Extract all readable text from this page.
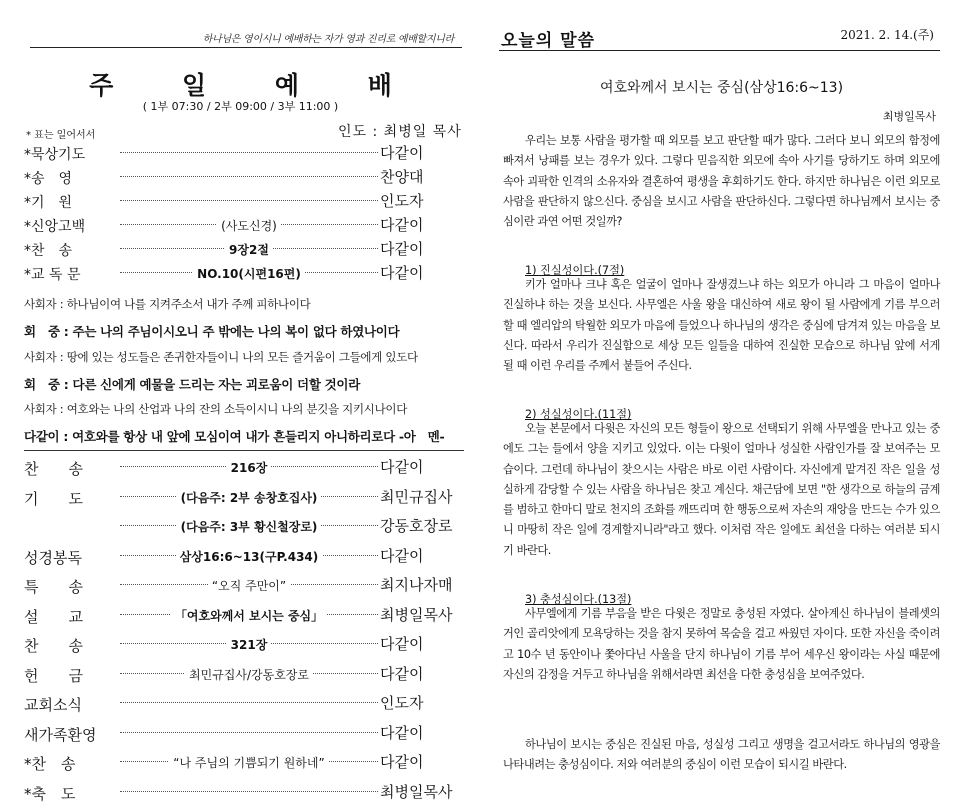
하나님은 영이시니 예배하는 자가 영과 진리로 예배할지니라
주 일 예 배
( 1부 07:30 / 2부 09:00 / 3부 11:00 )
* 표는 일어서서	인도 : 최병일 목사
*묵상기도	다같이
*송　영	찬양대
*기　원	인도자
*신앙고백	(사도신경)	다같이
*찬　송	9장2절	다같이
*교 독 문	NO.10(시편16편)	다같이
사회자 : 하나님이여 나를 지켜주소서 내가 주께 피하나이다
회　중 : 주는 나의 주님이시오니 주 밖에는 나의 복이 없다 하였나이다
사회자 : 땅에 있는 성도들은 존귀한자들이니 나의 모든 즐거움이 그들에게 있도다
회　중 : 다른 신에게 예물을 드리는 자는 괴로움이 더할 것이라
사회자 : 여호와는 나의 산업과 나의 잔의 소득이시니 나의 분깃을 지키시나이다
다같이 : 여호와를 항상 내 앞에 모심이여 내가 흔들리지 아니하리로다 -아　멘-
찬　　송	216장	다같이
기　　도	(다음주: 2부 송창호집사)	최민규집사
(다음주: 3부 황신철장로)	강동호장로
성경봉독	삼상16:6~13(구P.434)	다같이
특　　송	“오직 주만이”	최지나자매
설　　교	「여호와께서 보시는 중심」	최병일목사
찬　　송	321장	다같이
헌　　금	최민규집사/강동호장로	다같이
교회소식	인도자
새가족환영	다같이
*찬　송	“나 주님의 기쁨되기 원하네”	다같이
*축　도	최병일목사
오늘의 말씀	2021. 2. 14.(주)
여호와께서 보시는 중심(삼상16:6~13)
최병일목사
우리는 보통 사람을 평가할 때 외모를 보고 판단할 때가 많다. 그러다 보니 외모의 함정에 빠져서 낭패를 보는 경우가 있다. 그렇다 믿음직한 외모에 속아 사기를 당하기도 하며 외모에 속아 괴팍한 인격의 소유자와 결혼하여 평생을 후회하기도 한다. 하지만 하나님은 이런 외모로 사람을 판단하지 않으신다. 중심을 보시고 사람을 판단하신다. 그렇다면 하나님께서 보시는 중심이란 과연 어떤 것일까?
1) 진실성이다.(7절)
키가 얼마나 크냐 혹은 얼굴이 얼마나 잘생겼느냐 하는 외모가 아니라 그 마음이 얼마나 진실하냐 하는 것을 보신다. 사무엘은 사울 왕을 대신하여 새로 왕이 될 사람에게 기름 부으러 할 때 엘리압의 탁월한 외모가 마음에 들었으나 하나님의 생각은 중심에 담겨져 있는 마음을 보신다. 따라서 우리가 진실함으로 세상 모든 일들을 대하여 진실한 모습으로 하나님 앞에 서게 될 때 이런 우리를 주께서 붙들어 주신다.
2) 성실성이다.(11절)
오늘 본문에서 다윗은 자신의 모든 형들이 왕으로 선택되기 위해 사무엘을 만나고 있는 중에도 그는 들에서 양을 지키고 있었다. 이는 다윗이 얼마나 성실한 사람인가를 잘 보여주는 모습이다. 그런데 하나님이 찾으시는 사람은 바로 이런 사람이다. 자신에게 맡겨진 작은 일을 성실하게 감당할 수 있는 사람을 하나님은 찾고 계신다. 채근담에 보면 "한 생각으로 하늘의 금계를 범하고 한마디 말로 천지의 조화를 깨뜨리며 한 행동으로써 자손의 재앙을 만드는 수가 있으니 마땅히 작은 일에 경계할지니라"라고 했다. 이처럼 작은 일에도 최선을 다하는 여러분 되시기 바란다.
3) 충성심이다.(13절)
사무엘에게 기름 부음을 받은 다윗은 정말로 충성된 자였다. 살아계신 하나님이 블레셋의 거인 골리앗에게 모욕당하는 것을 참지 못하여 목숨을 걸고 싸웠던 자이다. 또한 자신을 죽이려고 10수 년 동안이나 쫓아다닌 사울을 단지 하나님이 기름 부어 세우신 왕이라는 사실 때문에 자신의 감정을 거두고 하나님을 위해서라면 최선을 다한 충성심을 보여주었다.
하나님이 보시는 중심은 진실된 마음, 성실성 그리고 생명을 걸고서라도 하나님의 영광을 나타내려는 충성심이다. 저와 여러분의 중심이 이런 모습이 되시길 바란다.
